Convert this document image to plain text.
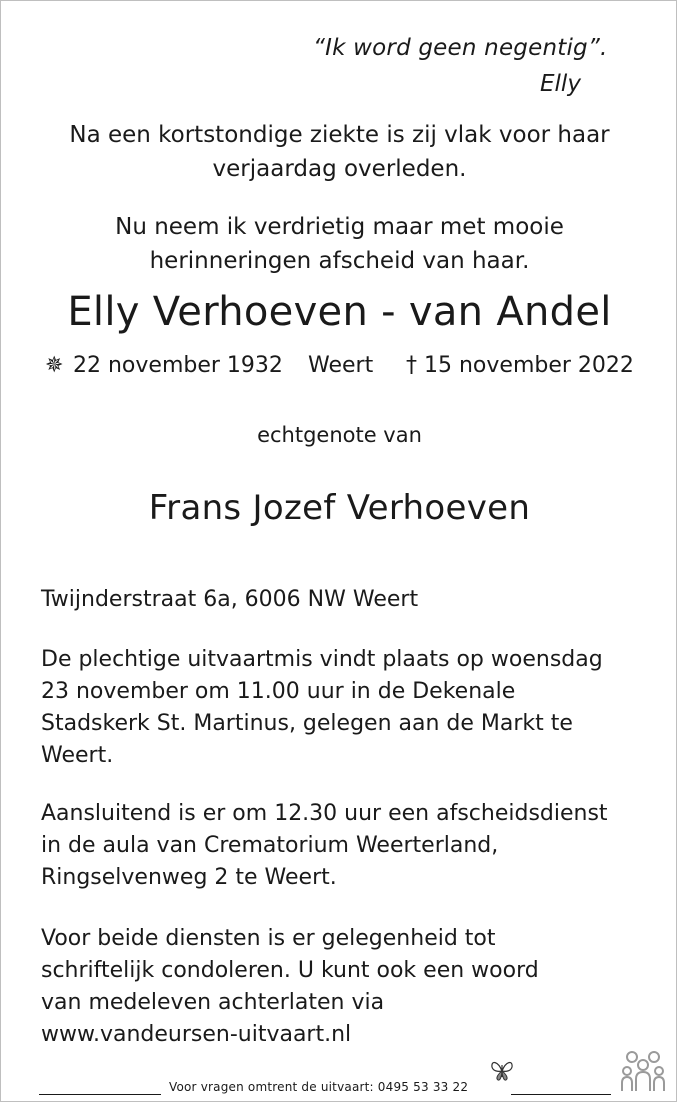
“Ik word geen negentig”.
Elly
Na een kortstondige ziekte is zij vlak voor haar
verjaardag overleden.
Nu neem ik verdrietig maar met mooie
herinneringen afscheid van haar.
Elly Verhoeven - van Andel
✵ 22 november 1932 Weert † 15 november 2022
echtgenote van
Frans Jozef Verhoeven
Twijnderstraat 6a, 6006 NW Weert
De plechtige uitvaartmis vindt plaats op woensdag
23 november om 11.00 uur in de Dekenale
Stadskerk St. Martinus, gelegen aan de Markt te
Weert.
Aansluitend is er om 12.30 uur een afscheidsdienst
in de aula van Crematorium Weerterland,
Ringselvenweg 2 te Weert.
Voor beide diensten is er gelegenheid tot
schriftelijk condoleren. U kunt ook een woord
van medeleven achterlaten via
www.vandeursen-uitvaart.nl
Voor vragen omtrent de uitvaart: 0495 53 33 22
